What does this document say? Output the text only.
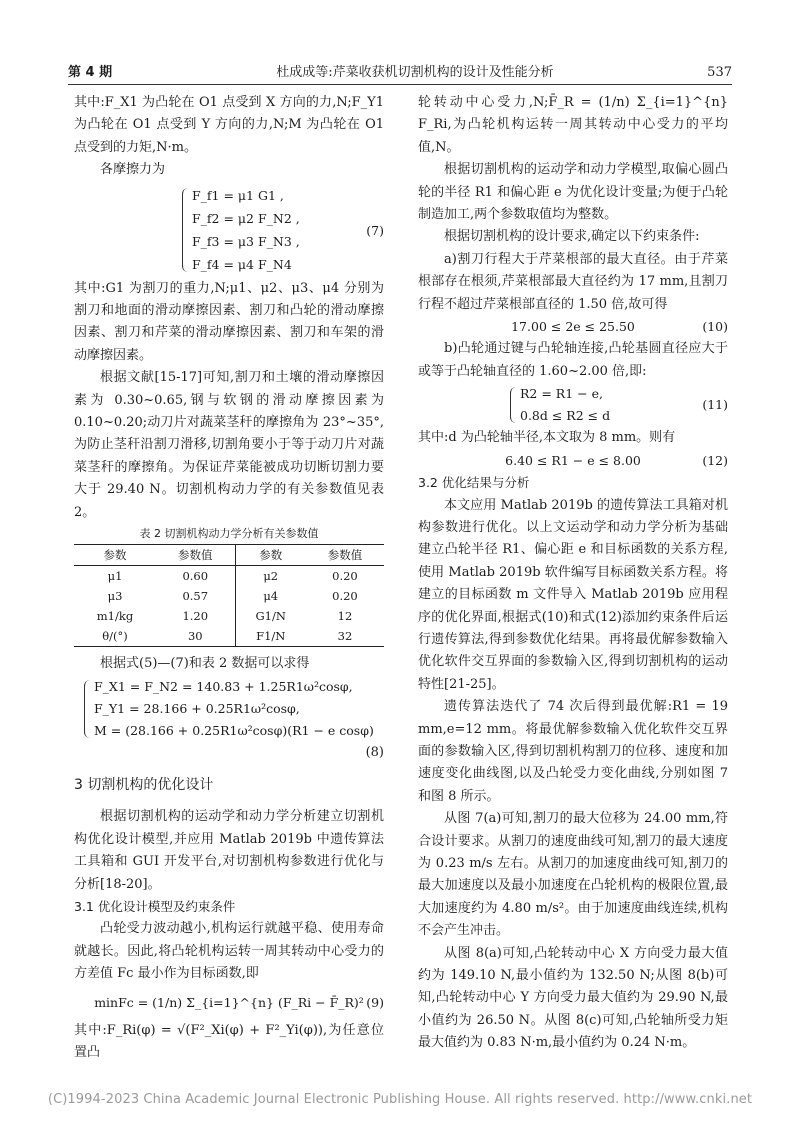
第 4 期	杜成成等:芹菜收获机切割机构的设计及性能分析	537

其中:F_X1 为凸轮在 O1 点受到 X 方向的力,N;F_Y1 为凸轮在 O1 点受到 Y 方向的力,N;M 为凸轮在 O1 点受到的力矩,N·m。

各摩擦力为

F_f1 = μ1 G1 ,
F_f2 = μ2 F_N2 ,
F_f3 = μ3 F_N3 ,
F_f4 = μ4 F_N4
(7)

其中:G1 为割刀的重力,N;μ1、μ2、μ3、μ4 分别为割刀和地面的滑动摩擦因素、割刀和凸轮的滑动摩擦因素、割刀和芹菜的滑动摩擦因素、割刀和车架的滑动摩擦因素。

根据文献[15-17]可知,割刀和土壤的滑动摩擦因素为 0.30~0.65,钢与软钢的滑动摩擦因素为 0.10~0.20;动刀片对蔬菜茎秆的摩擦角为 23°~35°,为防止茎秆沿割刀滑移,切割角要小于等于动刀片对蔬菜茎秆的摩擦角。为保证芹菜能被成功切断切割力要大于 29.40 N。切割机构动力学的有关参数值见表 2。

表 2 切割机构动力学分析有关参数值
参数	参数值	参数	参数值
μ1	0.60	μ2	0.20
μ3	0.57	μ4	0.20
m1/kg	1.20	G1/N	12
θ/(°)	30	F1/N	32

根据式(5)—(7)和表 2 数据可以求得

F_X1 = F_N2 = 140.83 + 1.25R1ω²cosφ,
F_Y1 = 28.166 + 0.25R1ω²cosφ,
M = (28.166 + 0.25R1ω²cosφ)(R1 − e cosφ)
(8)
3 切割机构的优化设计

根据切割机构的运动学和动力学分析建立切割机构优化设计模型,并应用 Matlab 2019b 中遗传算法工具箱和 GUI 开发平台,对切割机构参数进行优化与分析[18-20]。

3.1 优化设计模型及约束条件

凸轮受力波动越小,机构运行就越平稳、使用寿命就越长。因此,将凸轮机构运转一周其转动中心受力的方差值 Fc 最小作为目标函数,即

minFc = (1/n) Σ_{i=1}^{n} (F_Ri − F̄_R)² (9)

其中:F_Ri(φ) = √(F²_Xi(φ) + F²_Yi(φ)),为任意位置凸

轮转动中心受力,N;F̄_R = (1/n) Σ_{i=1}^{n} F_Ri,为凸轮机构运转一周其转动中心受力的平均值,N。

根据切割机构的运动学和动力学模型,取偏心圆凸轮的半径 R1 和偏心距 e 为优化设计变量;为便于凸轮制造加工,两个参数取值均为整数。

根据切割机构的设计要求,确定以下约束条件:

a)割刀行程大于芹菜根部的最大直径。由于芹菜根部存在根须,芹菜根部最大直径约为 17 mm,且割刀行程不超过芹菜根部直径的 1.50 倍,故可得

17.00 ≤ 2e ≤ 25.50	(10)

b)凸轮通过键与凸轮轴连接,凸轮基圆直径应大于或等于凸轮轴直径的 1.60~2.00 倍,即:

R2 = R1 − e,
0.8d ≤ R2 ≤ d
(11)

其中:d 为凸轮轴半径,本文取为 8 mm。则有

6.40 ≤ R1 − e ≤ 8.00	(12)
3.2 优化结果与分析

本文应用 Matlab 2019b 的遗传算法工具箱对机构参数进行优化。以上文运动学和动力学分析为基础建立凸轮半径 R1、偏心距 e 和目标函数的关系方程,使用 Matlab 2019b 软件编写目标函数关系方程。将建立的目标函数 m 文件导入 Matlab 2019b 应用程序的优化界面,根据式(10)和式(12)添加约束条件后运行遗传算法,得到参数优化结果。再将最优解参数输入优化软件交互界面的参数输入区,得到切割机构的运动特性[21-25]。

遗传算法迭代了 74 次后得到最优解:R1 = 19 mm,e=12 mm。将最优解参数输入优化软件交互界面的参数输入区,得到切割机构割刀的位移、速度和加速度变化曲线图,以及凸轮受力变化曲线,分别如图 7 和图 8 所示。

从图 7(a)可知,割刀的最大位移为 24.00 mm,符合设计要求。从割刀的速度曲线可知,割刀的最大速度为 0.23 m/s 左右。从割刀的加速度曲线可知,割刀的最大加速度以及最小加速度在凸轮机构的极限位置,最大加速度约为 4.80 m/s²。由于加速度曲线连续,机构不会产生冲击。

从图 8(a)可知,凸轮转动中心 X 方向受力最大值约为 149.10 N,最小值约为 132.50 N;从图 8(b)可知,凸轮转动中心 Y 方向受力最大值约为 29.90 N,最小值约为 26.50 N。从图 8(c)可知,凸轮轴所受力矩最大值约为 0.83 N·m,最小值约为 0.24 N·m。

(C)1994-2023 China Academic Journal Electronic Publishing House. All rights reserved. http://www.cnki.net
